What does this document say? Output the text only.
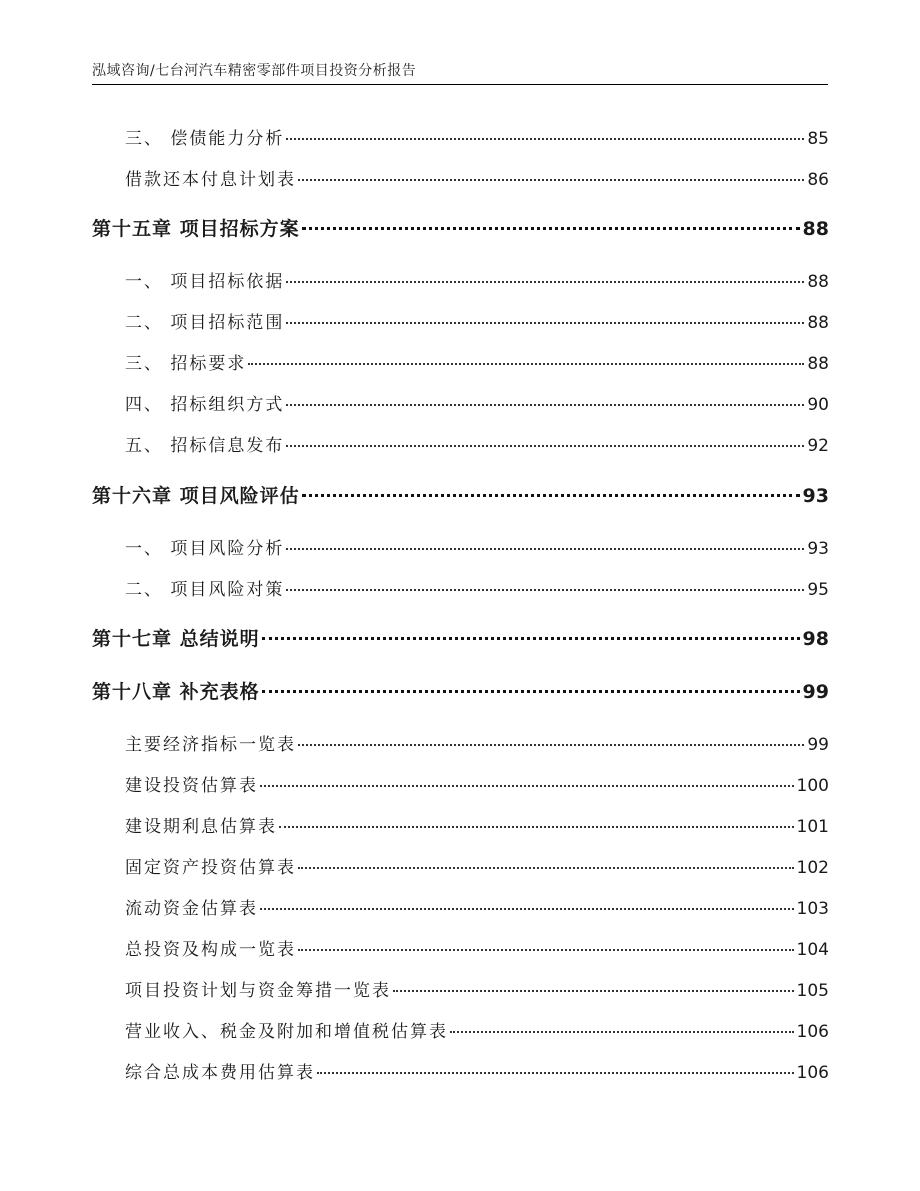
泓域咨询/七台河汽车精密零部件项目投资分析报告
三、 偿债能力分析	85
借款还本付息计划表	86
第十五章 项目招标方案	88
一、 项目招标依据	88
二、 项目招标范围	88
三、 招标要求	88
四、 招标组织方式	90
五、 招标信息发布	92
第十六章 项目风险评估	93
一、 项目风险分析	93
二、 项目风险对策	95
第十七章 总结说明	98
第十八章 补充表格	99
主要经济指标一览表	99
建设投资估算表	100
建设期利息估算表	101
固定资产投资估算表	102
流动资金估算表	103
总投资及构成一览表	104
项目投资计划与资金筹措一览表	105
营业收入、税金及附加和增值税估算表	106
综合总成本费用估算表	106
